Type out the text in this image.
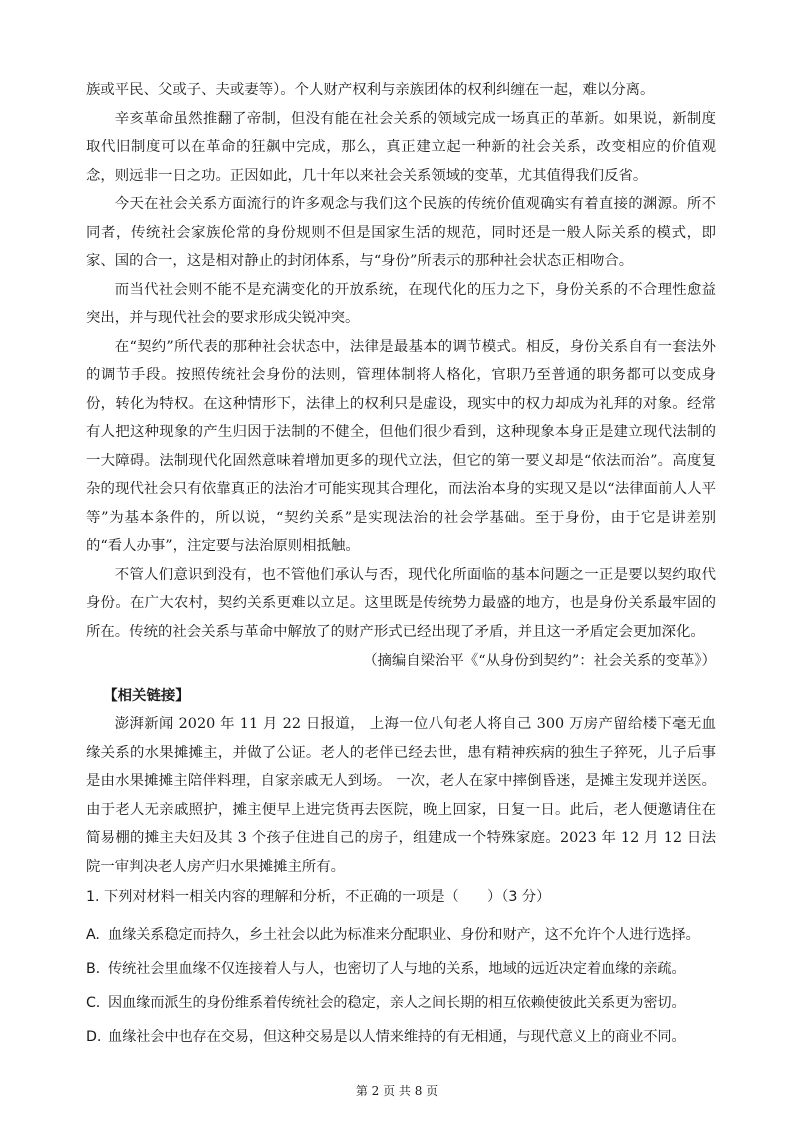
族或平民、父或子、夫或妻等）。个人财产权利与亲族团体的权利纠缠在一起，难以分离。

辛亥革命虽然推翻了帝制，但没有能在社会关系的领域完成一场真正的革新。如果说，新制度取代旧制度可以在革命的狂飙中完成，那么，真正建立起一种新的社会关系，改变相应的价值观念，则远非一日之功。正因如此，几十年以来社会关系领域的变革，尤其值得我们反省。

今天在社会关系方面流行的许多观念与我们这个民族的传统价值观确实有着直接的渊源。所不同者，传统社会家族伦常的身份规则不但是国家生活的规范，同时还是一般人际关系的模式，即家、国的合一，这是相对静止的封闭体系，与“身份”所表示的那种社会状态正相吻合。

而当代社会则不能不是充满变化的开放系统，在现代化的压力之下，身份关系的不合理性愈益突出，并与现代社会的要求形成尖锐冲突。

在“契约”所代表的那种社会状态中，法律是最基本的调节模式。相反，身份关系自有一套法外的调节手段。按照传统社会身份的法则，管理体制将人格化，官职乃至普通的职务都可以变成身份，转化为特权。在这种情形下，法律上的权利只是虚设，现实中的权力却成为礼拜的对象。经常有人把这种现象的产生归因于法制的不健全，但他们很少看到，这种现象本身正是建立现代法制的一大障碍。法制现代化固然意味着增加更多的现代立法，但它的第一要义却是“依法而治”。高度复杂的现代社会只有依靠真正的法治才可能实现其合理化，而法治本身的实现又是以“法律面前人人平等”为基本条件的，所以说，“契约关系”是实现法治的社会学基础。至于身份，由于它是讲差别的“看人办事”，注定要与法治原则相抵触。

不管人们意识到没有，也不管他们承认与否，现代化所面临的基本问题之一正是要以契约取代身份。在广大农村，契约关系更难以立足。这里既是传统势力最盛的地方，也是身份关系最牢固的所在。传统的社会关系与革命中解放了的财产形式已经出现了矛盾，并且这一矛盾定会更加深化。

（摘编自梁治平《“从身份到契约”：社会关系的变革》）

【相关链接】

澎湃新闻 2020 年 11 月 22 日报道， 上海一位八旬老人将自己 300 万房产留给楼下毫无血缘关系的水果摊摊主，并做了公证。老人的老伴已经去世，患有精神疾病的独生子猝死，儿子后事是由水果摊摊主陪伴料理，自家亲戚无人到场。 一次，老人在家中摔倒昏迷，是摊主发现并送医。由于老人无亲戚照护，摊主便早上进完货再去医院，晚上回家，日复一日。此后，老人便邀请住在简易棚的摊主夫妇及其 3 个孩子住进自己的房子，组建成一个特殊家庭。2023 年 12 月 12 日法院一审判决老人房产归水果摊摊主所有。

1. 下列对材料一相关内容的理解和分析，不正确的一项是（　　）（3 分）

A. 血缘关系稳定而持久，乡土社会以此为标准来分配职业、身份和财产，这不允许个人进行选择。
B. 传统社会里血缘不仅连接着人与人，也密切了人与地的关系，地域的远近决定着血缘的亲疏。
C. 因血缘而派生的身份维系着传统社会的稳定，亲人之间长期的相互依赖使彼此关系更为密切。
D. 血缘社会中也存在交易，但这种交易是以人情来维持的有无相通，与现代意义上的商业不同。
第 2 页 共 8 页
